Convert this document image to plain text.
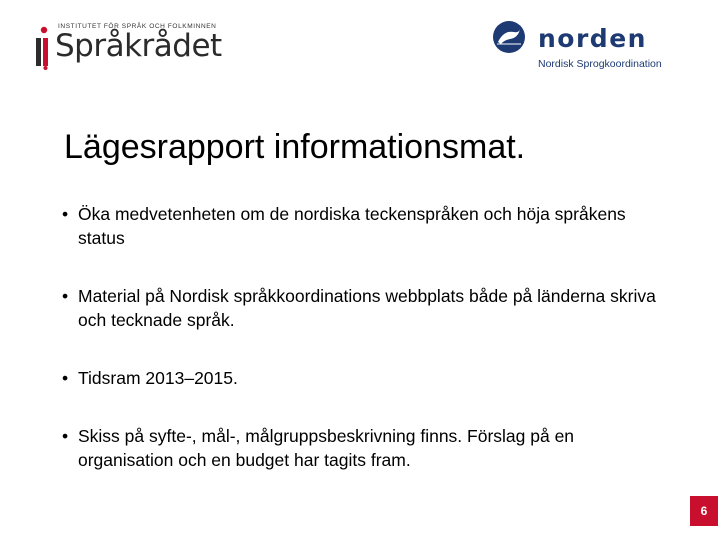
INSTITUTET FÖR SPRÅK OCH FOLKMINNEN
Språkrådet	norden
Nordisk Sprogkoordination
Lägesrapport informationsmat.
• Öka medvetenheten om de nordiska teckenspråken och höja språkens status
• Material på Nordisk språkkoordinations webbplats både på länderna skriva och tecknade språk.
• Tidsram 2013–2015.
• Skiss på syfte-, mål-, målgruppsbeskrivning finns. Förslag på en organisation och en budget har tagits fram.
6
